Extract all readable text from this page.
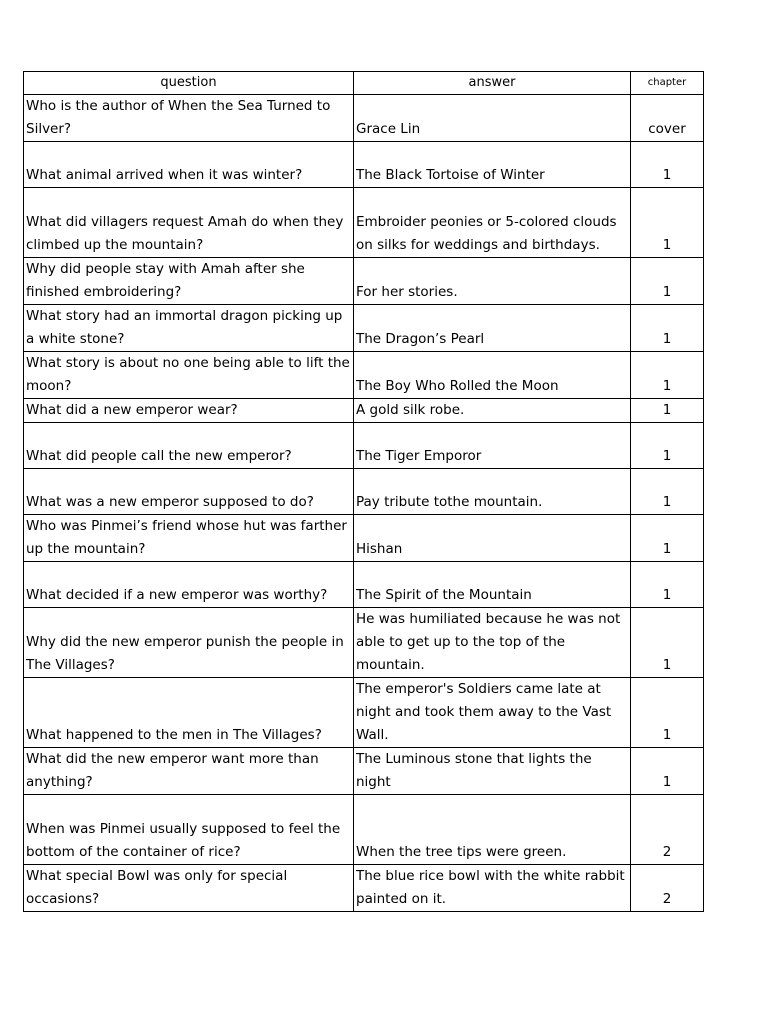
question	answer	chapter
Who is the author of When the Sea Turned to Silver?	Grace Lin	cover
What animal arrived when it was winter?	The Black Tortoise of Winter	1
What did villagers request Amah do when they climbed up the mountain?	Embroider peonies or 5-colored clouds on silks for weddings and birthdays.	1
Why did people stay with Amah after she finished embroidering?	For her stories.	1
What story had an immortal dragon picking up a white stone?	The Dragon’s Pearl	1
What story is about no one being able to lift the moon?	The Boy Who Rolled the Moon	1
What did a new emperor wear?	A gold silk robe.	1
What did people call the new emperor?	The Tiger Emporor	1
What was a new emperor supposed to do?	Pay tribute tothe mountain.	1
Who was Pinmei’s friend whose hut was farther up the mountain?	Hishan	1
What decided if a new emperor was worthy?	The Spirit of the Mountain	1
Why did the new emperor punish the people in The Villages?	He was humiliated because he was not able to get up to the top of the mountain.	1
What happened to the men in The Villages?	The emperor's Soldiers came late at night and took them away to the Vast Wall.	1
What did the new emperor want more than anything?	The Luminous stone that lights the night	1
When was Pinmei usually supposed to feel the bottom of the container of rice?	When the tree tips were green.	2
What special Bowl was only for special occasions?	The blue rice bowl with the white rabbit painted on it.	2
